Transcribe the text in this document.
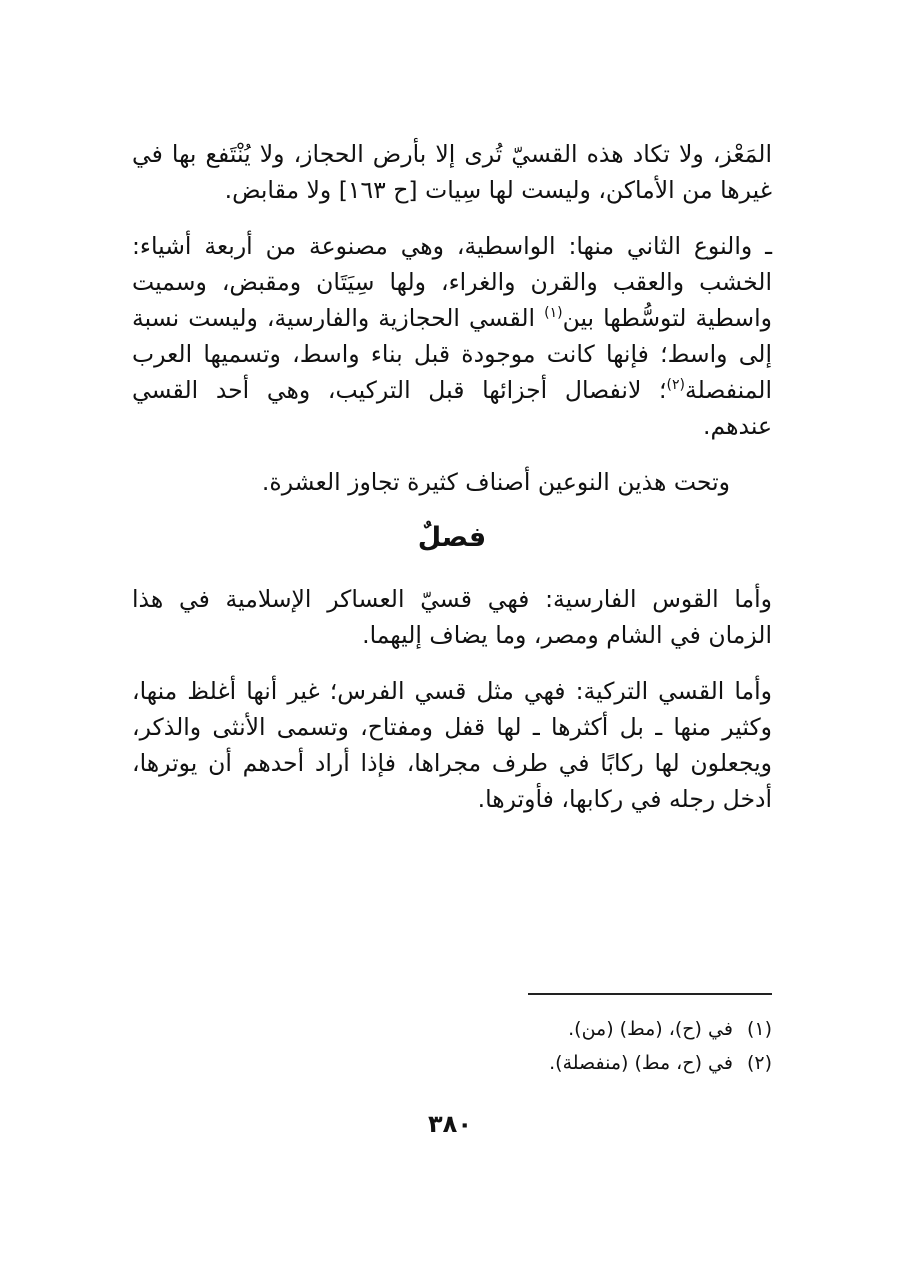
المَعْز، ولا تكاد هذه القسيّ تُرى إلا بأرض الحجاز، ولا يُنْتَفع بها في غيرها من الأماكن، وليست لها سِيات [ح ١٦٣] ولا مقابض.

ـ والنوع الثاني منها: الواسطية، وهي مصنوعة من أربعة أشياء: الخشب والعقب والقرن والغراء، ولها سِيَتَان ومقبض، وسميت واسطية لتوسُّطها بين$^{(١)}$ القسي الحجازية والفارسية، وليست نسبة إلى واسط؛ فإنها كانت موجودة قبل بناء واسط، وتسميها العرب المنفصلة$^{(٢)}$؛ لانفصال أجزائها قبل التركيب، وهي أحد القسي عندهم.

وتحت هذين النوعين أصناف كثيرة تجاوز العشرة.

فصلٌ

وأما القوس الفارسية: فهي قسيّ العساكر الإسلامية في هذا الزمان في الشام ومصر، وما يضاف إليهما.

وأما القسي التركية: فهي مثل قسي الفرس؛ غير أنها أغلظ منها، وكثير منها ـ بل أكثرها ـ لها قفل ومفتاح، وتسمى الأنثى والذكر، ويجعلون لها ركابًا في طرف مجراها، فإذا أراد أحدهم أن يوترها، أدخل رجله في ركابها، فأوترها.

(١)
في (ح)، (مط) (من).
(٢)
في (ح، مط) (منفصلة).
٣٨٠
